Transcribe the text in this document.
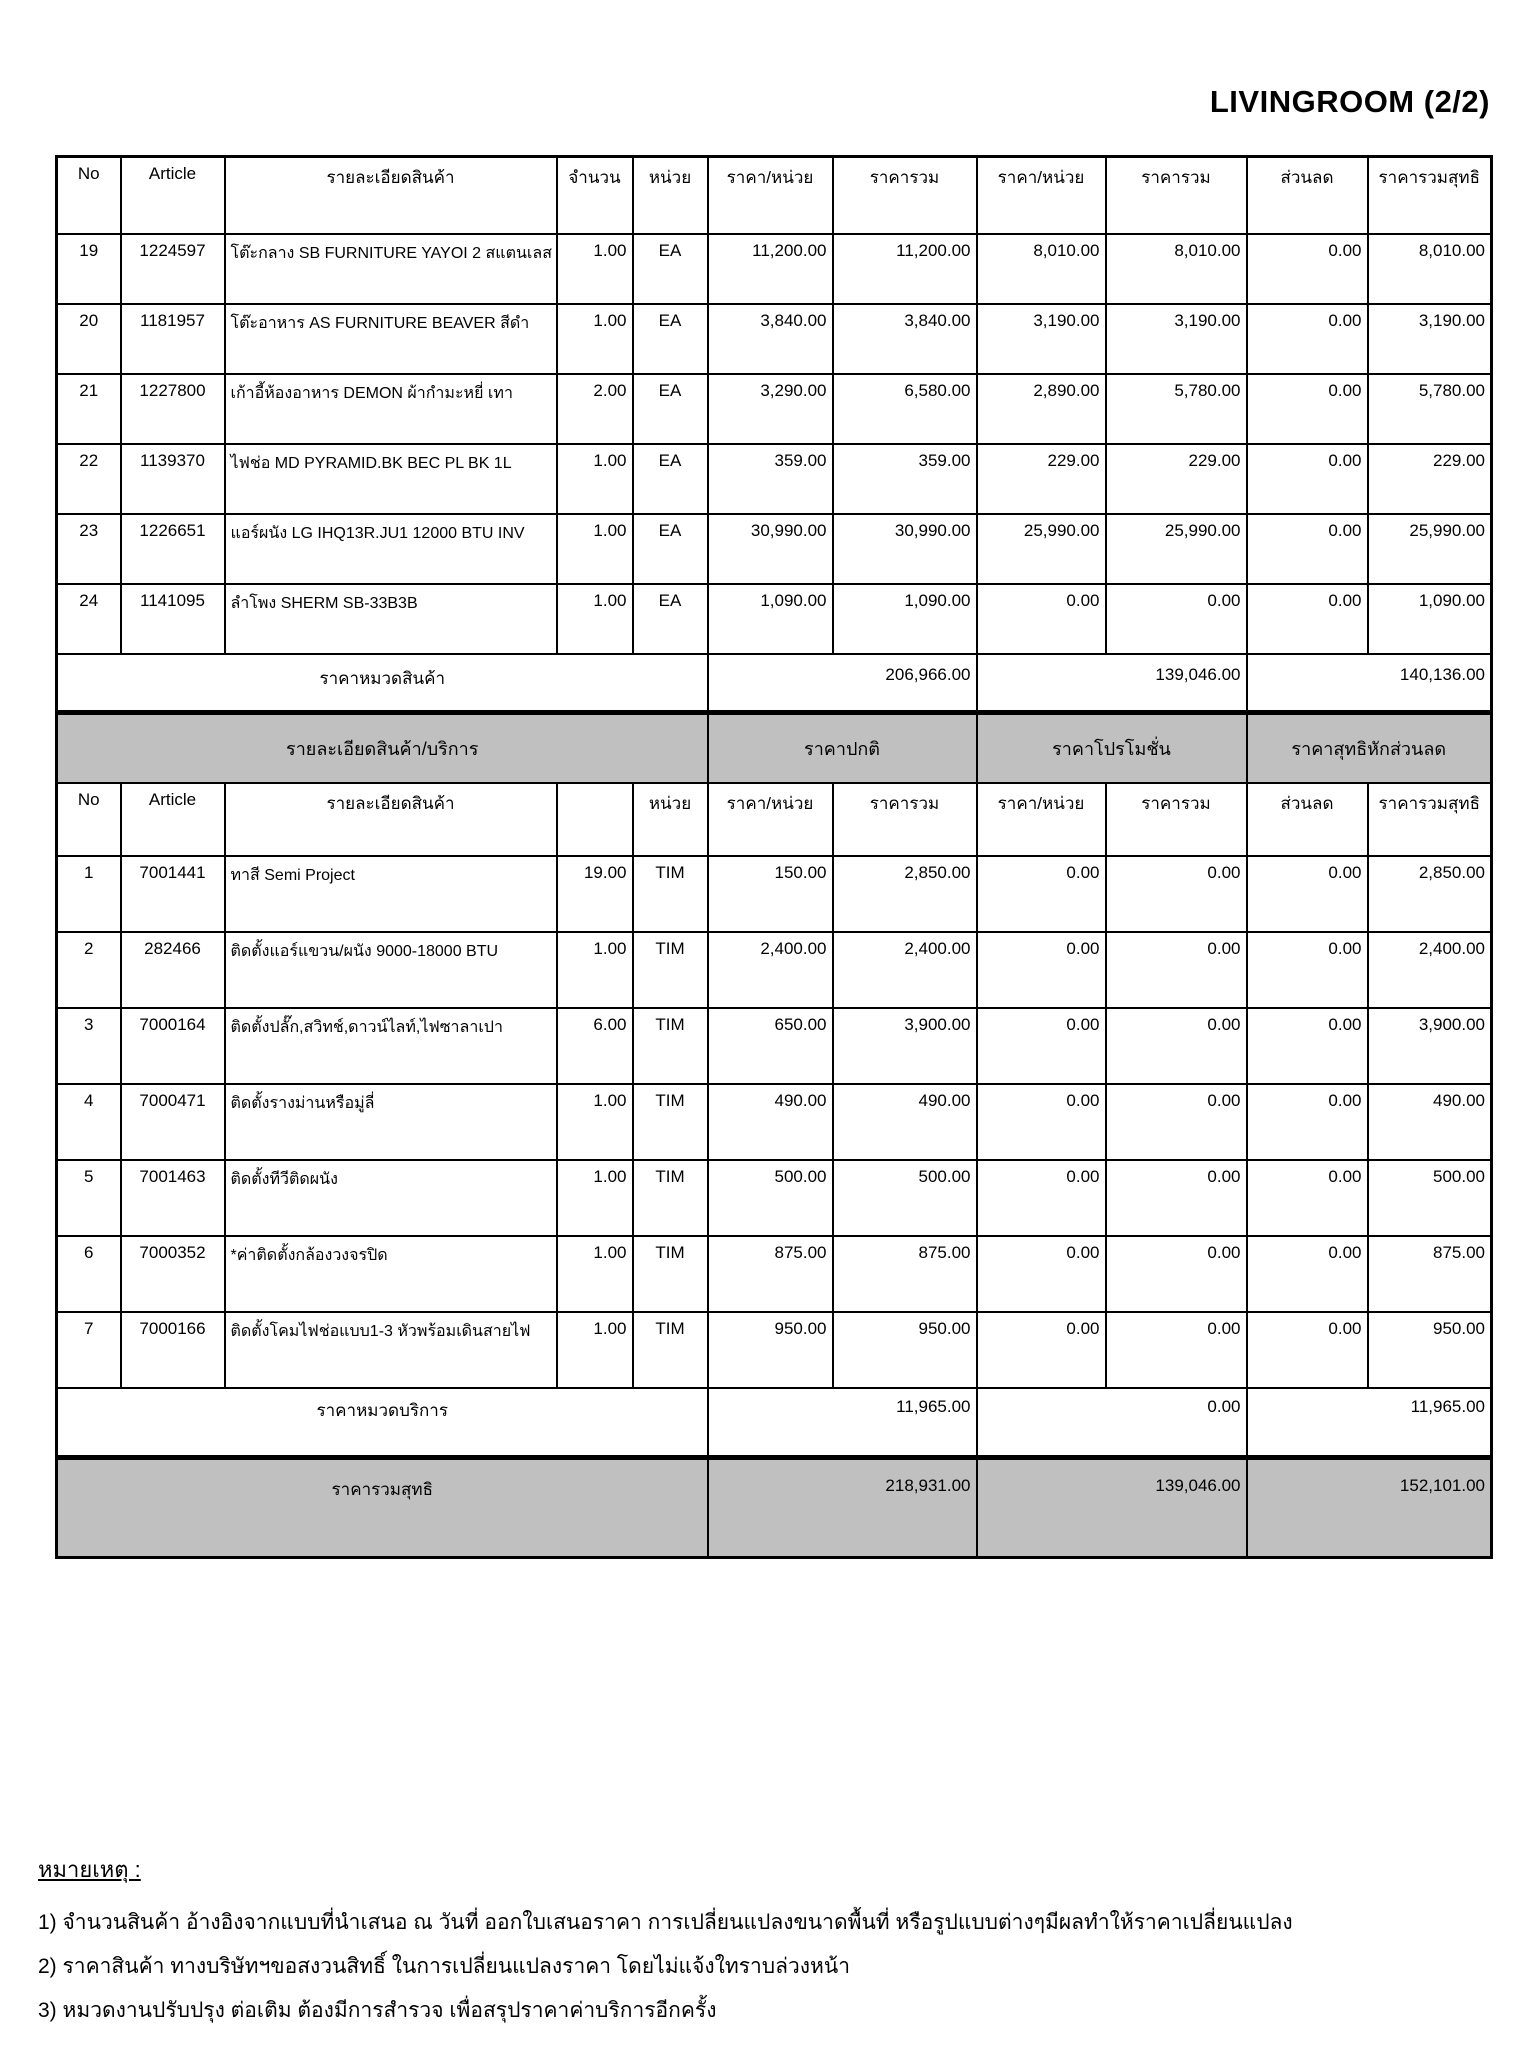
LIVINGROOM (2/2)
No	Article	รายละเอียดสินค้า	จำนวน	หน่วย	ราคา/หน่วย	ราคารวม	ราคา/หน่วย	ราคารวม	ส่วนลด	ราคารวมสุทธิ
19	1224597	โต๊ะกลาง SB FURNITURE YAYOI 2 สแตนเลส	1.00	EA	11,200.00	11,200.00	8,010.00	8,010.00	0.00	8,010.00
20	1181957	โต๊ะอาหาร AS FURNITURE BEAVER สีดำ	1.00	EA	3,840.00	3,840.00	3,190.00	3,190.00	0.00	3,190.00
21	1227800	เก้าอี้ห้องอาหาร DEMON ผ้ากำมะหยี่ เทา	2.00	EA	3,290.00	6,580.00	2,890.00	5,780.00	0.00	5,780.00
22	1139370	ไฟช่อ MD PYRAMID.BK BEC PL BK 1L	1.00	EA	359.00	359.00	229.00	229.00	0.00	229.00
23	1226651	แอร์ผนัง LG IHQ13R.JU1 12000 BTU INV	1.00	EA	30,990.00	30,990.00	25,990.00	25,990.00	0.00	25,990.00
24	1141095	ลำโพง SHERM SB-33B3B	1.00	EA	1,090.00	1,090.00	0.00	0.00	0.00	1,090.00
ราคาหมวดสินค้า					206,966.00		139,046.00		140,136.00	
รายละเอียดสินค้า/บริการ					ราคาปกติ		ราคาโปรโมชั่น		ราคาสุทธิหักส่วนลด	
No	Article	รายละเอียดสินค้า		หน่วย	ราคา/หน่วย	ราคารวม	ราคา/หน่วย	ราคารวม	ส่วนลด	ราคารวมสุทธิ
1	7001441	ทาสี Semi Project	19.00	TIM	150.00	2,850.00	0.00	0.00	0.00	2,850.00
2	282466	ติดตั้งแอร์แขวน/ผนัง 9000-18000 BTU	1.00	TIM	2,400.00	2,400.00	0.00	0.00	0.00	2,400.00
3	7000164	ติดตั้งปลั๊ก,สวิทช์,ดาวน์ไลท์,ไฟซาลาเปา	6.00	TIM	650.00	3,900.00	0.00	0.00	0.00	3,900.00
4	7000471	ติดตั้งรางม่านหรือมู่ลี่	1.00	TIM	490.00	490.00	0.00	0.00	0.00	490.00
5	7001463	ติดตั้งทีวีติดผนัง	1.00	TIM	500.00	500.00	0.00	0.00	0.00	500.00
6	7000352	*ค่าติดตั้งกล้องวงจรปิด	1.00	TIM	875.00	875.00	0.00	0.00	0.00	875.00
7	7000166	ติดตั้งโคมไฟช่อแบบ1-3 หัวพร้อมเดินสายไฟ	1.00	TIM	950.00	950.00	0.00	0.00	0.00	950.00
ราคาหมวดบริการ					11,965.00		0.00		11,965.00	
ราคารวมสุทธิ					218,931.00		139,046.00		152,101.00	
หมายเหตุ :
1) จำนวนสินค้า อ้างอิงจากแบบที่นำเสนอ ณ วันที่ ออกใบเสนอราคา การเปลี่ยนแปลงขนาดพื้นที่ หรือรูปแบบต่างๆมีผลทำให้ราคาเปลี่ยนแปลง
2) ราคาสินค้า ทางบริษัทฯขอสงวนสิทธิ์ ในการเปลี่ยนแปลงราคา โดยไม่แจ้งใทราบล่วงหน้า
3) หมวดงานปรับปรุง ต่อเติม ต้องมีการสำรวจ เพื่อสรุปราคาค่าบริการอีกครั้ง
